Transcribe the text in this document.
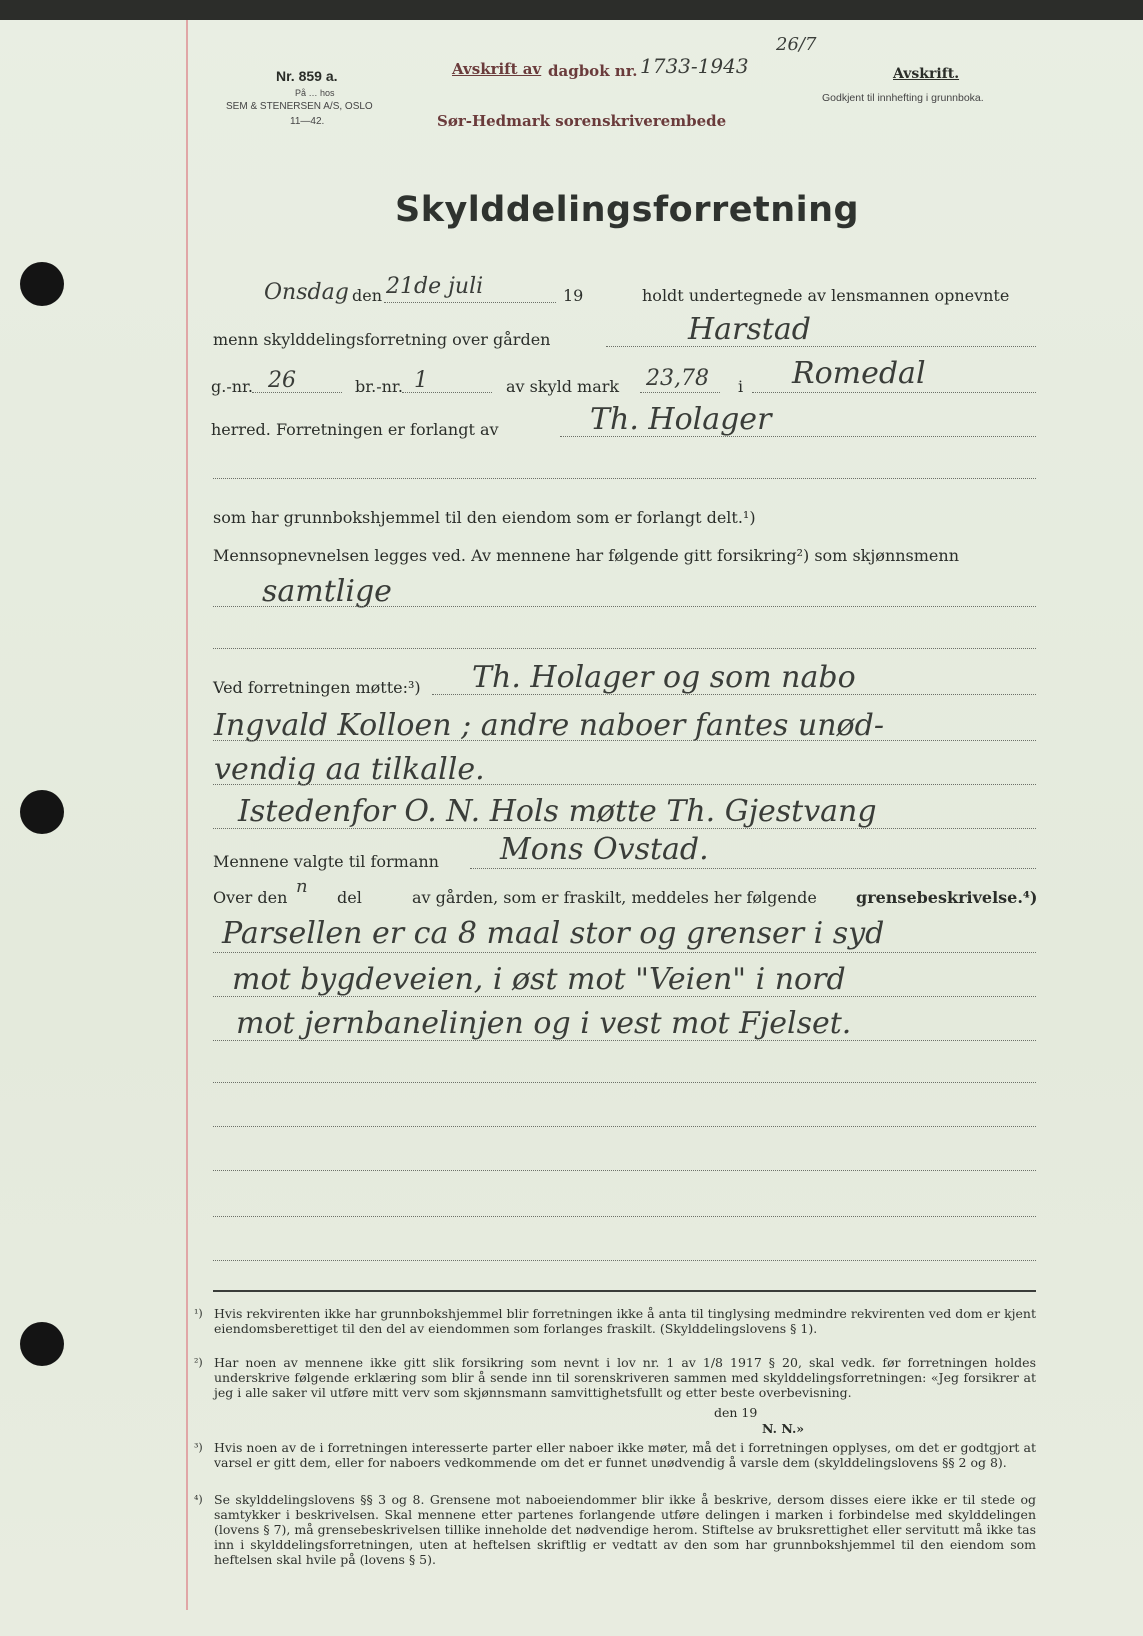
Nr. 859 a.
På … hos
SEM & STENERSEN A/S, OSLO
11—42.
Avskrift av dagbok nr. 1733-1943
26/7
Sør-Hedmark sorenskriverembede
Avskrift.
Godkjent til innhefting i grunnboka.
Skylddelingsforretning
Onsdag den 21de juli	19	holdt undertegnede av lensmannen opnevnte
menn skylddelingsforretning over gården	Harstad
g.-nr. 26	br.-nr. 1	av skyld mark 23,78 i Romedal
herred. Forretningen er forlangt av	Th. Holager
som har grunnbokshjemmel til den eiendom som er forlangt delt.¹)
Mennsopnevnelsen legges ved. Av mennene har følgende gitt forsikring²) som skjønnsmenn
samtlige
Ved forretningen møtte:³) Th. Holager og som nabo
Ingvald Kolloen ; andre naboer fantes unød-
vendig aa tilkalle.
Istedenfor O. N. Hols møtte Th. Gjestvang
Mennene valgte til formann Mons Ovstad.
Over den
n
del	av gården, som er fraskilt, meddeles her følgende grensebeskrivelse.⁴)
Parsellen er ca 8 maal stor og grenser i syd
mot bygdeveien, i øst mot "Veien" i nord
mot jernbanelinjen og i vest mot Fjelset.
¹) Hvis rekvirenten ikke har grunnbokshjemmel blir forretningen ikke å anta til tinglysing medmindre rekvirenten ved dom er kjent eiendomsberettiget til den del av eiendommen som forlanges fraskilt. (Skylddelingslovens § 1).

²) Har noen av mennene ikke gitt slik forsikring som nevnt i lov nr. 1 av 1/8 1917 § 20, skal vedk. før forretningen holdes underskrive følgende erklæring som blir å sende inn til sorenskriveren sammen med skylddelingsforretningen: «Jeg forsikrer at jeg i alle saker vil utføre mitt verv som skjønnsmann samvittighetsfullt og etter beste overbevisning.

den 19
N. N.»
³) Hvis noen av de i forretningen interesserte parter eller naboer ikke møter, må det i forretningen opplyses, om det er godtgjort at varsel er gitt dem, eller for naboers vedkommende om det er funnet unødvendig å varsle dem (skylddelingslovens §§ 2 og 8).

⁴) Se skylddelingslovens §§ 3 og 8. Grensene mot naboeiendommer blir ikke å beskrive, dersom disses eiere ikke er til stede og samtykker i beskrivelsen. Skal mennene etter partenes forlangende utføre delingen i marken i forbindelse med skylddelingen (lovens § 7), må grensebeskrivelsen tillike inneholde det nødvendige herom. Stiftelse av bruksrettighet eller servitutt må ikke tas inn i skylddelingsforretningen, uten at heftelsen skriftlig er vedtatt av den som har grunnbokshjemmel til den eiendom som heftelsen skal hvile på (lovens § 5).
